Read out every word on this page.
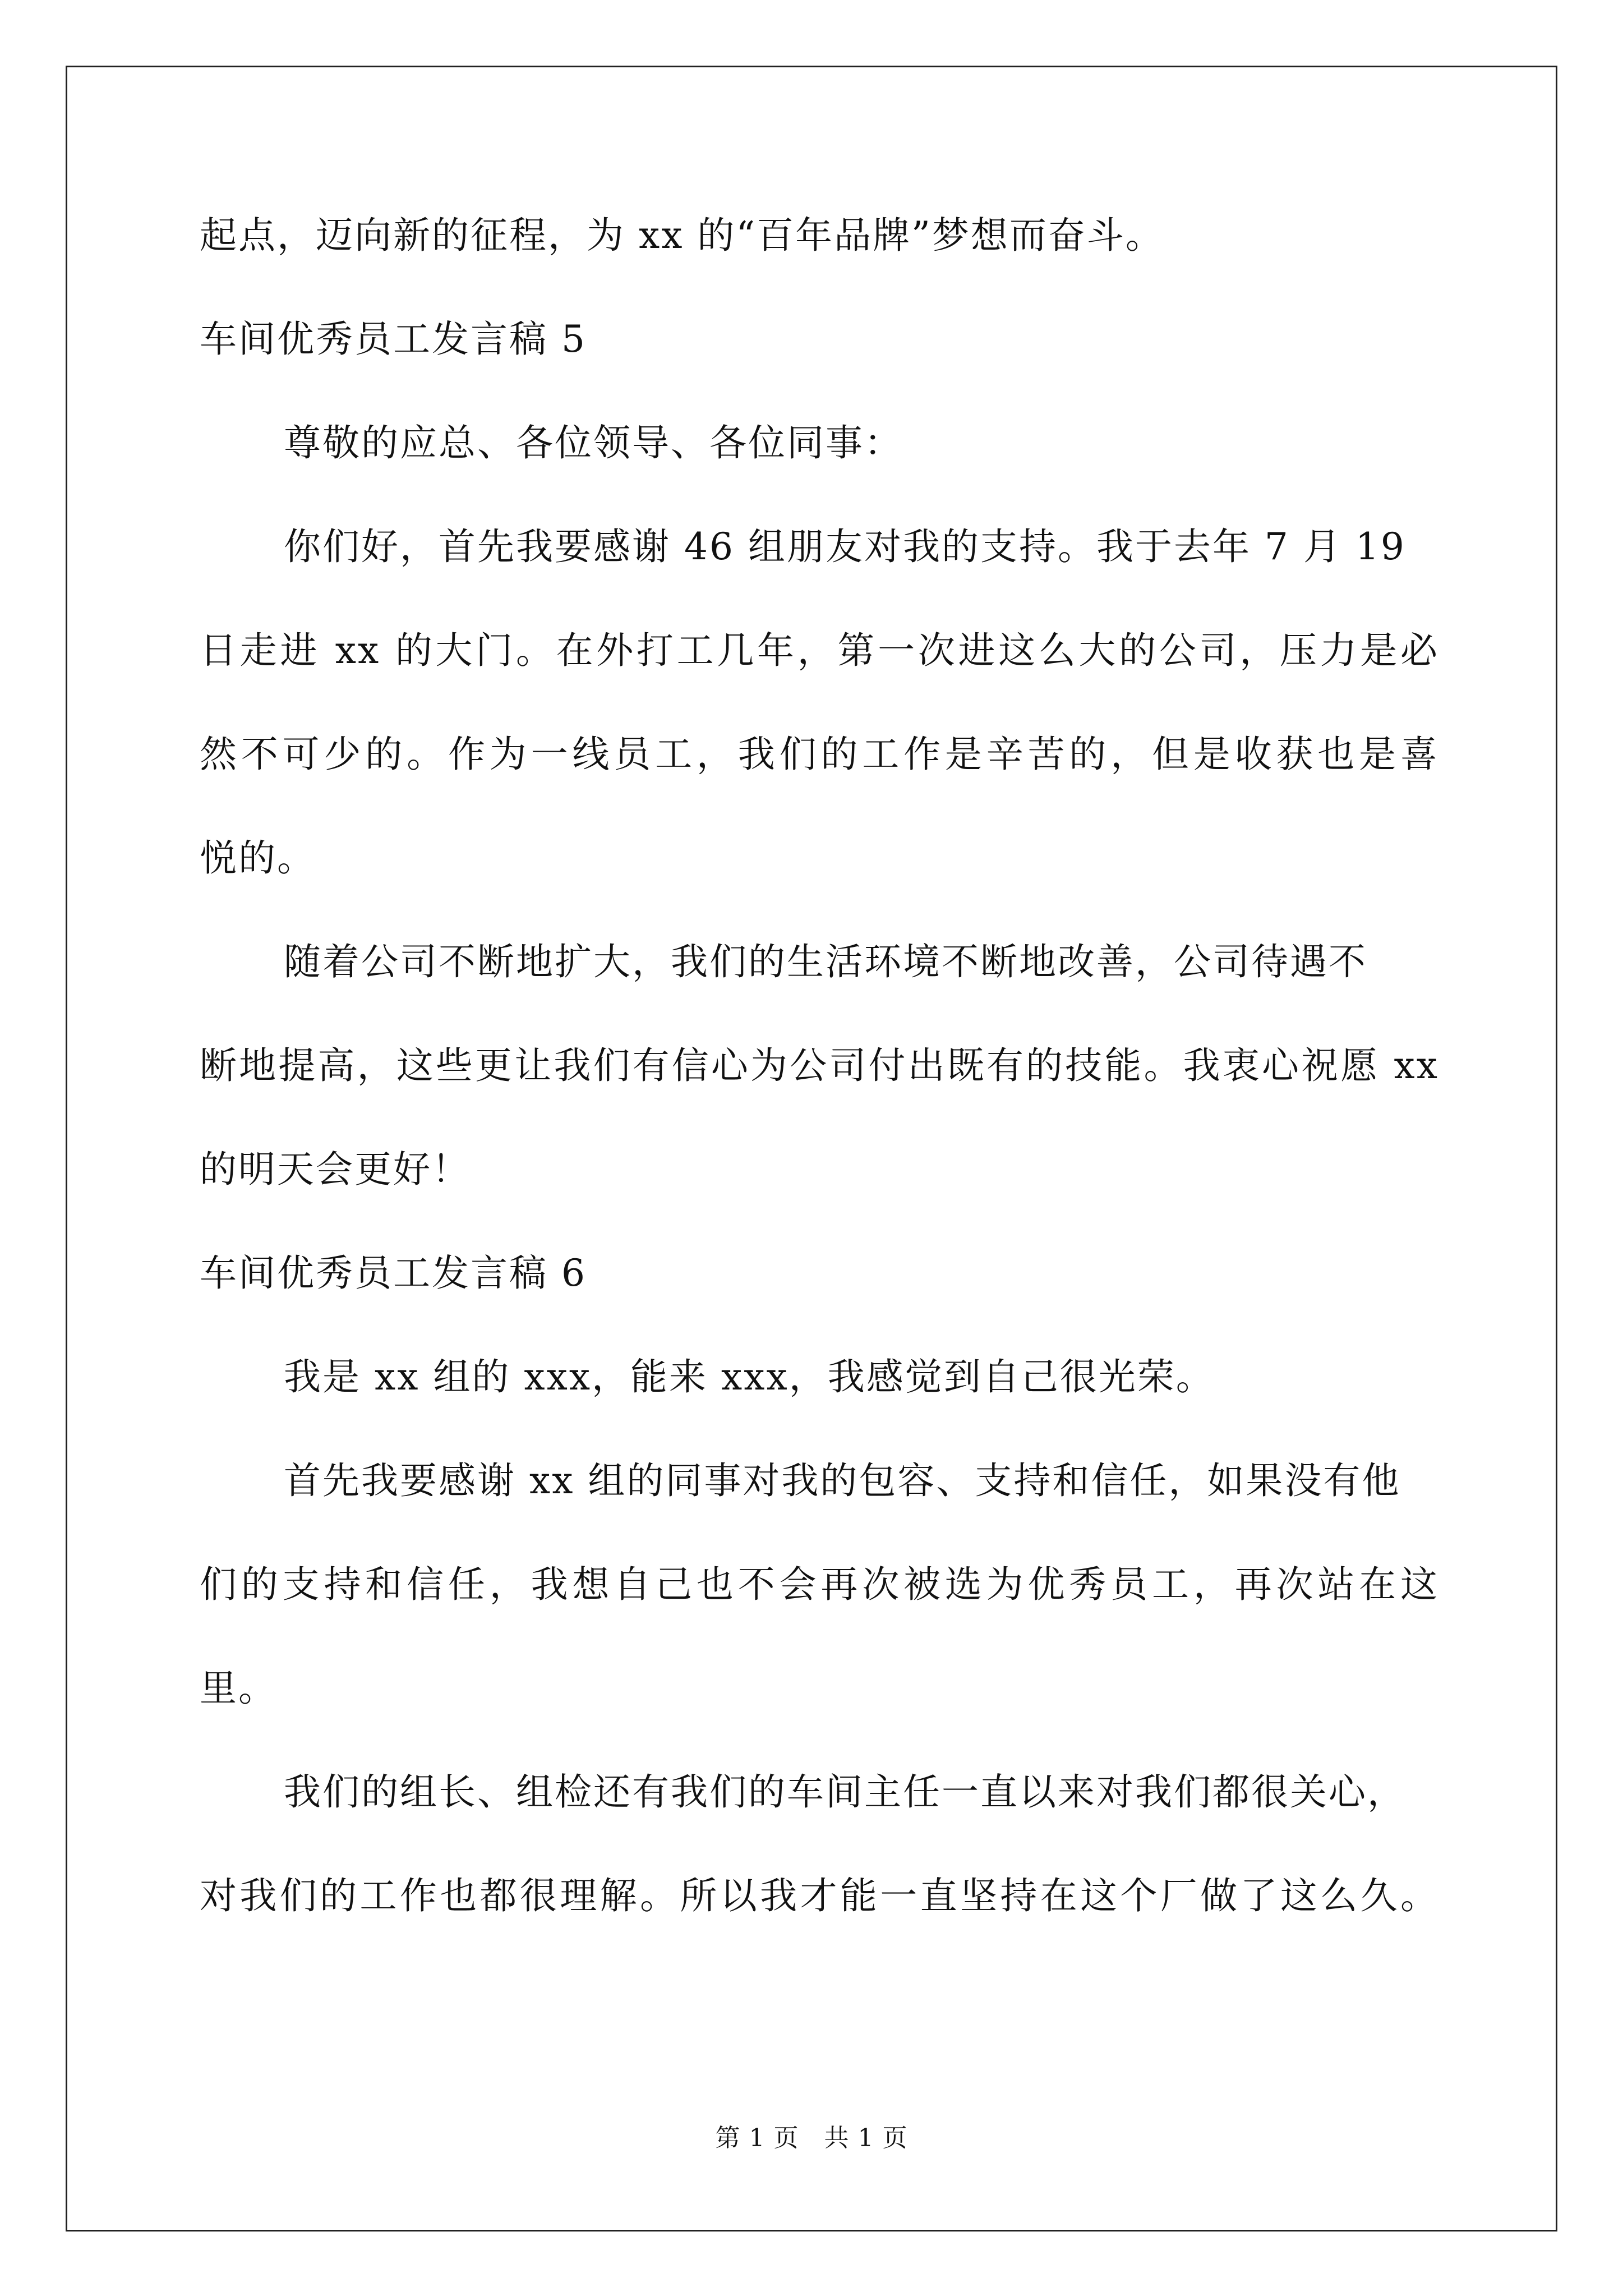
起点，迈向新的征程，为 xx 的“百年品牌”梦想而奋斗。
车间优秀员工发言稿 5
尊敬的应总、各位领导、各位同事：
你们好，首先我要感谢 46 组朋友对我的支持。我于去年 7 月 19
日走进 xx 的大门。在外打工几年，第一次进这么大的公司，压力是必
然不可少的。作为一线员工，我们的工作是辛苦的，但是收获也是喜
悦的。
随着公司不断地扩大，我们的生活环境不断地改善，公司待遇不
断地提高，这些更让我们有信心为公司付出既有的技能。我衷心祝愿 xx
的明天会更好！
车间优秀员工发言稿 6
我是 xx 组的 xxx，能来 xxx，我感觉到自己很光荣。
首先我要感谢 xx 组的同事对我的包容、支持和信任，如果没有他
们的支持和信任，我想自己也不会再次被选为优秀员工，再次站在这
里。
我们的组长、组检还有我们的车间主任一直以来对我们都很关心，
对我们的工作也都很理解。所以我才能一直坚持在这个厂做了这么久。
第 1 页　共 1 页
